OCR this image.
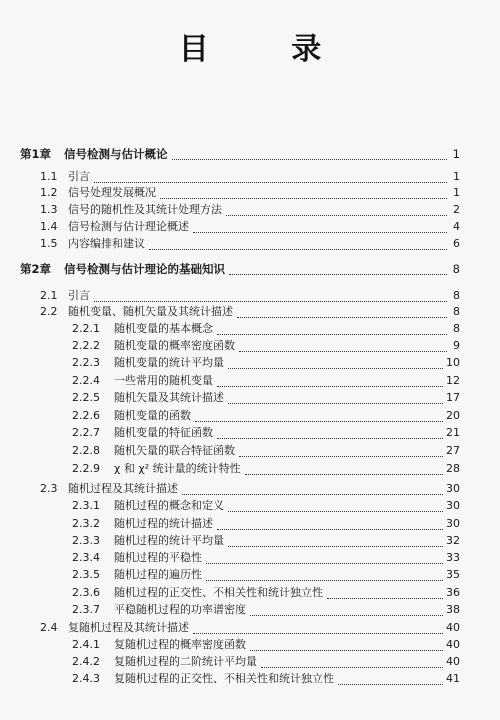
目 录
第1章	信号检测与估计概论	1
1.1 引言	1
1.2 信号处理发展概况	1
1.3 信号的随机性及其统计处理方法	2
1.4 信号检测与估计理论概述	4
1.5 内容编排和建议	6
第2章	信号检测与估计理论的基础知识	8
2.1 引言	8
2.2 随机变量、随机矢量及其统计描述	8
2.2.1	随机变量的基本概念	8
2.2.2	随机变量的概率密度函数	9
2.2.3	随机变量的统计平均量	10
2.2.4	一些常用的随机变量	12
2.2.5	随机矢量及其统计描述	17
2.2.6	随机变量的函数	20
2.2.7	随机变量的特征函数	21
2.2.8	随机矢量的联合特征函数	27
2.2.9	χ 和 χ² 统计量的统计特性	28
2.3 随机过程及其统计描述	30
2.3.1	随机过程的概念和定义	30
2.3.2	随机过程的统计描述	30
2.3.3	随机过程的统计平均量	32
2.3.4	随机过程的平稳性	33
2.3.5	随机过程的遍历性	35
2.3.6	随机过程的正交性、不相关性和统计独立性	36
2.3.7	平稳随机过程的功率谱密度	38
2.4 复随机过程及其统计描述	40
2.4.1	复随机过程的概率密度函数	40
2.4.2	复随机过程的二阶统计平均量	40
2.4.3	复随机过程的正交性、不相关性和统计独立性	41
